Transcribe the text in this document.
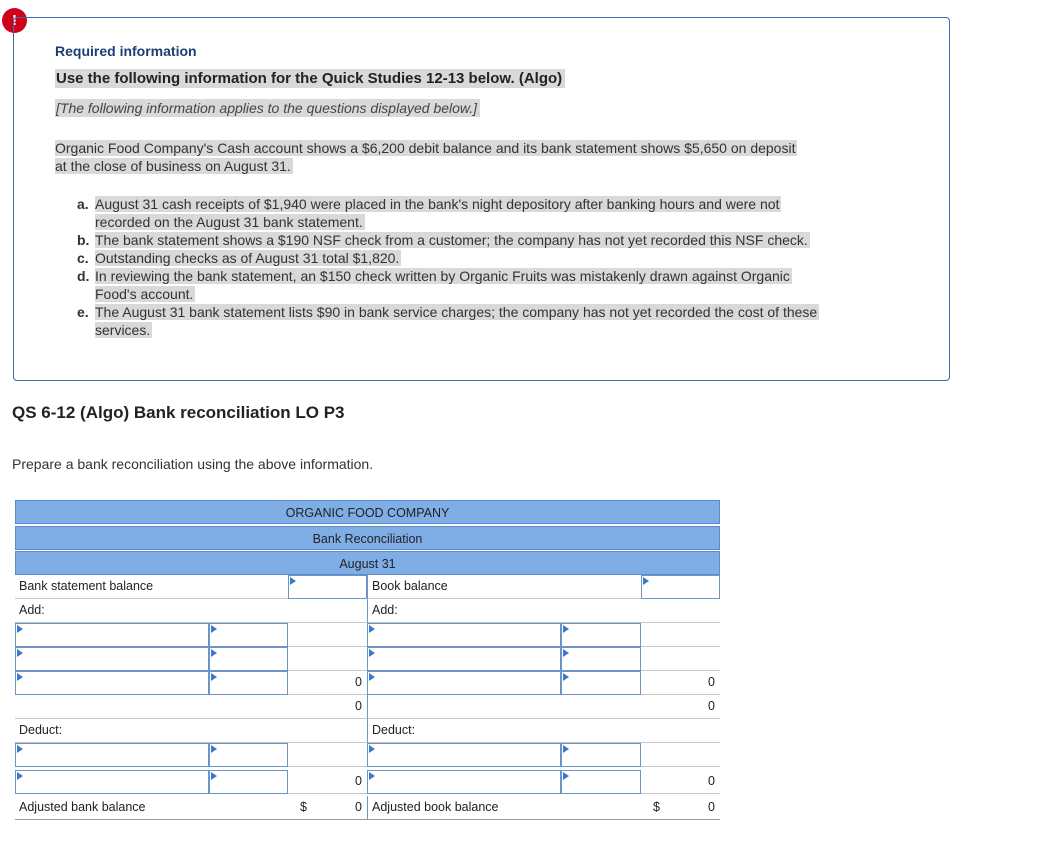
!
Required information
Use the following information for the Quick Studies 12-13 below. (Algo)
[The following information applies to the questions displayed below.]
Organic Food Company's Cash account shows a $6,200 debit balance and its bank statement shows $5,650 on deposit
at the close of business on August 31.
a. August 31 cash receipts of $1,940 were placed in the bank's night depository after banking hours and were not
recorded on the August 31 bank statement.
b. The bank statement shows a $190 NSF check from a customer; the company has not yet recorded this NSF check.
c. Outstanding checks as of August 31 total $1,820.
d. In reviewing the bank statement, an $150 check written by Organic Fruits was mistakenly drawn against Organic
Food's account.
e. The August 31 bank statement lists $90 in bank service charges; the company has not yet recorded the cost of these
services.
QS 6-12 (Algo) Bank reconciliation LO P3
Prepare a bank reconciliation using the above information.
ORGANIC FOOD COMPANY
Bank Reconciliation
August 31
Bank statement balance	Book balance
Add:	Add:
0	0
0	0
Deduct:	Deduct:
0	0
Adjusted bank balance	$	0 Adjusted book balance	$	0
